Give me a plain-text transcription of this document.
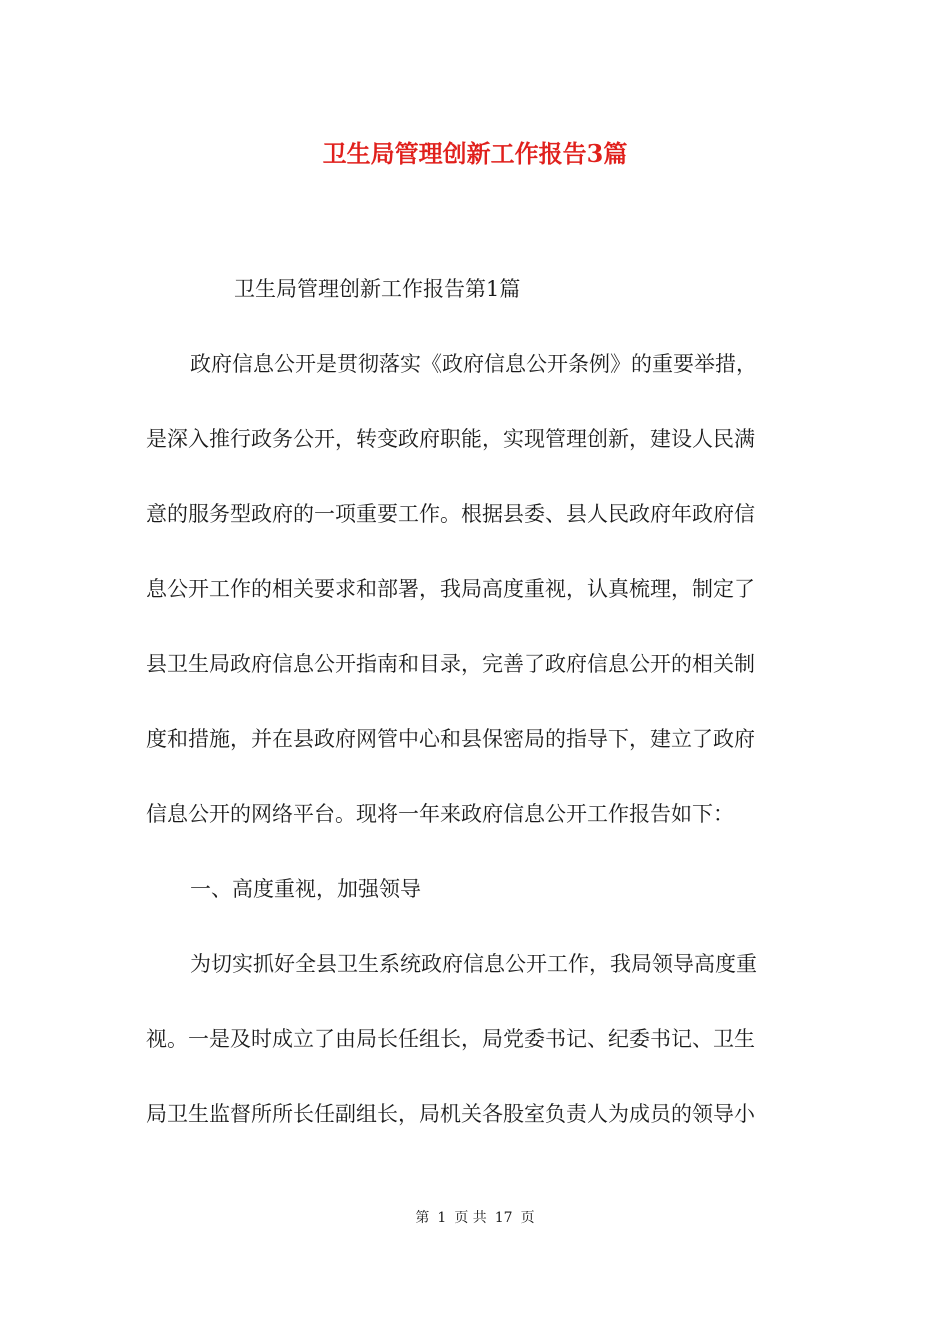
卫生局管理创新工作报告3篇
卫生局管理创新工作报告第1篇
政府信息公开是贯彻落实《政府信息公开条例》的重要举措，
是深入推行政务公开，转变政府职能，实现管理创新，建设人民满
意的服务型政府的一项重要工作。根据县委、县人民政府年政府信
息公开工作的相关要求和部署，我局高度重视，认真梳理，制定了
县卫生局政府信息公开指南和目录，完善了政府信息公开的相关制
度和措施，并在县政府网管中心和县保密局的指导下，建立了政府
信息公开的网络平台。现将一年来政府信息公开工作报告如下：
一、高度重视，加强领导
为切实抓好全县卫生系统政府信息公开工作，我局领导高度重
视。一是及时成立了由局长任组长，局党委书记、纪委书记、卫生
局卫生监督所所长任副组长，局机关各股室负责人为成员的领导小
第 1 页 共 17 页
